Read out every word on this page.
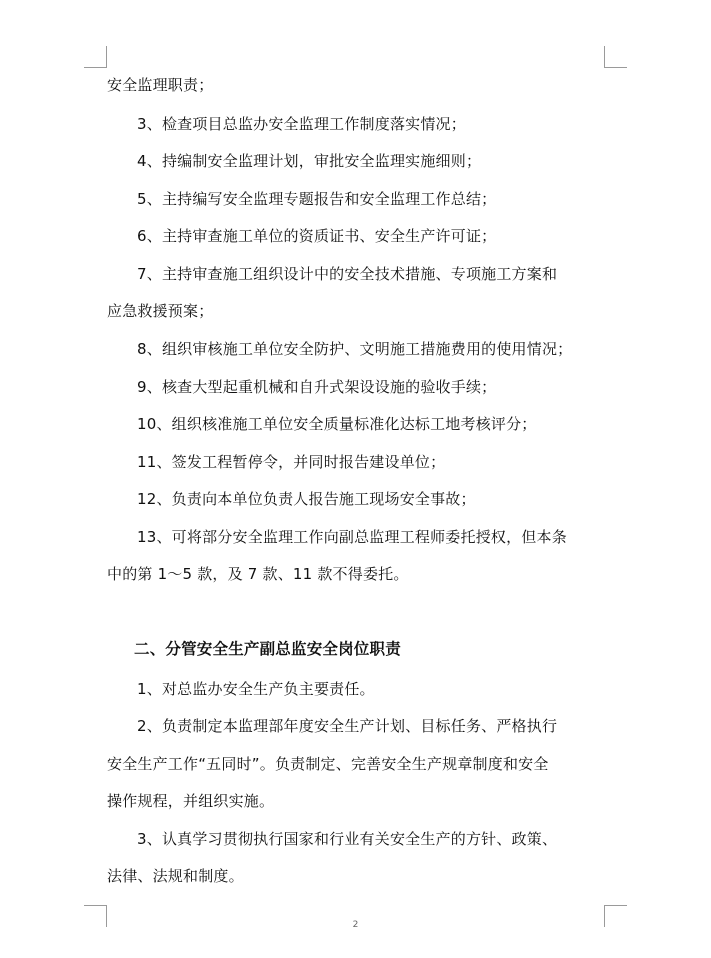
安全监理职责；
3、检查项目总监办安全监理工作制度落实情况；
4、持编制安全监理计划，审批安全监理实施细则；
5、主持编写安全监理专题报告和安全监理工作总结；
6、主持审查施工单位的资质证书、安全生产许可证；
7、主持审查施工组织设计中的安全技术措施、专项施工方案和
应急救援预案；
8、组织审核施工单位安全防护、文明施工措施费用的使用情况；
9、核查大型起重机械和自升式架设设施的验收手续；
10、组织核准施工单位安全质量标准化达标工地考核评分；
11、签发工程暂停令，并同时报告建设单位；
12、负责向本单位负责人报告施工现场安全事故；
13、可将部分安全监理工作向副总监理工程师委托授权，但本条
中的第 1～5 款，及 7 款、11 款不得委托。
二、分管安全生产副总监安全岗位职责
1、对总监办安全生产负主要责任。
2、负责制定本监理部年度安全生产计划、目标任务、严格执行
安全生产工作“五同时”。负责制定、完善安全生产规章制度和安全
操作规程，并组织实施。
3、认真学习贯彻执行国家和行业有关安全生产的方针、政策、
法律、法规和制度。
2
